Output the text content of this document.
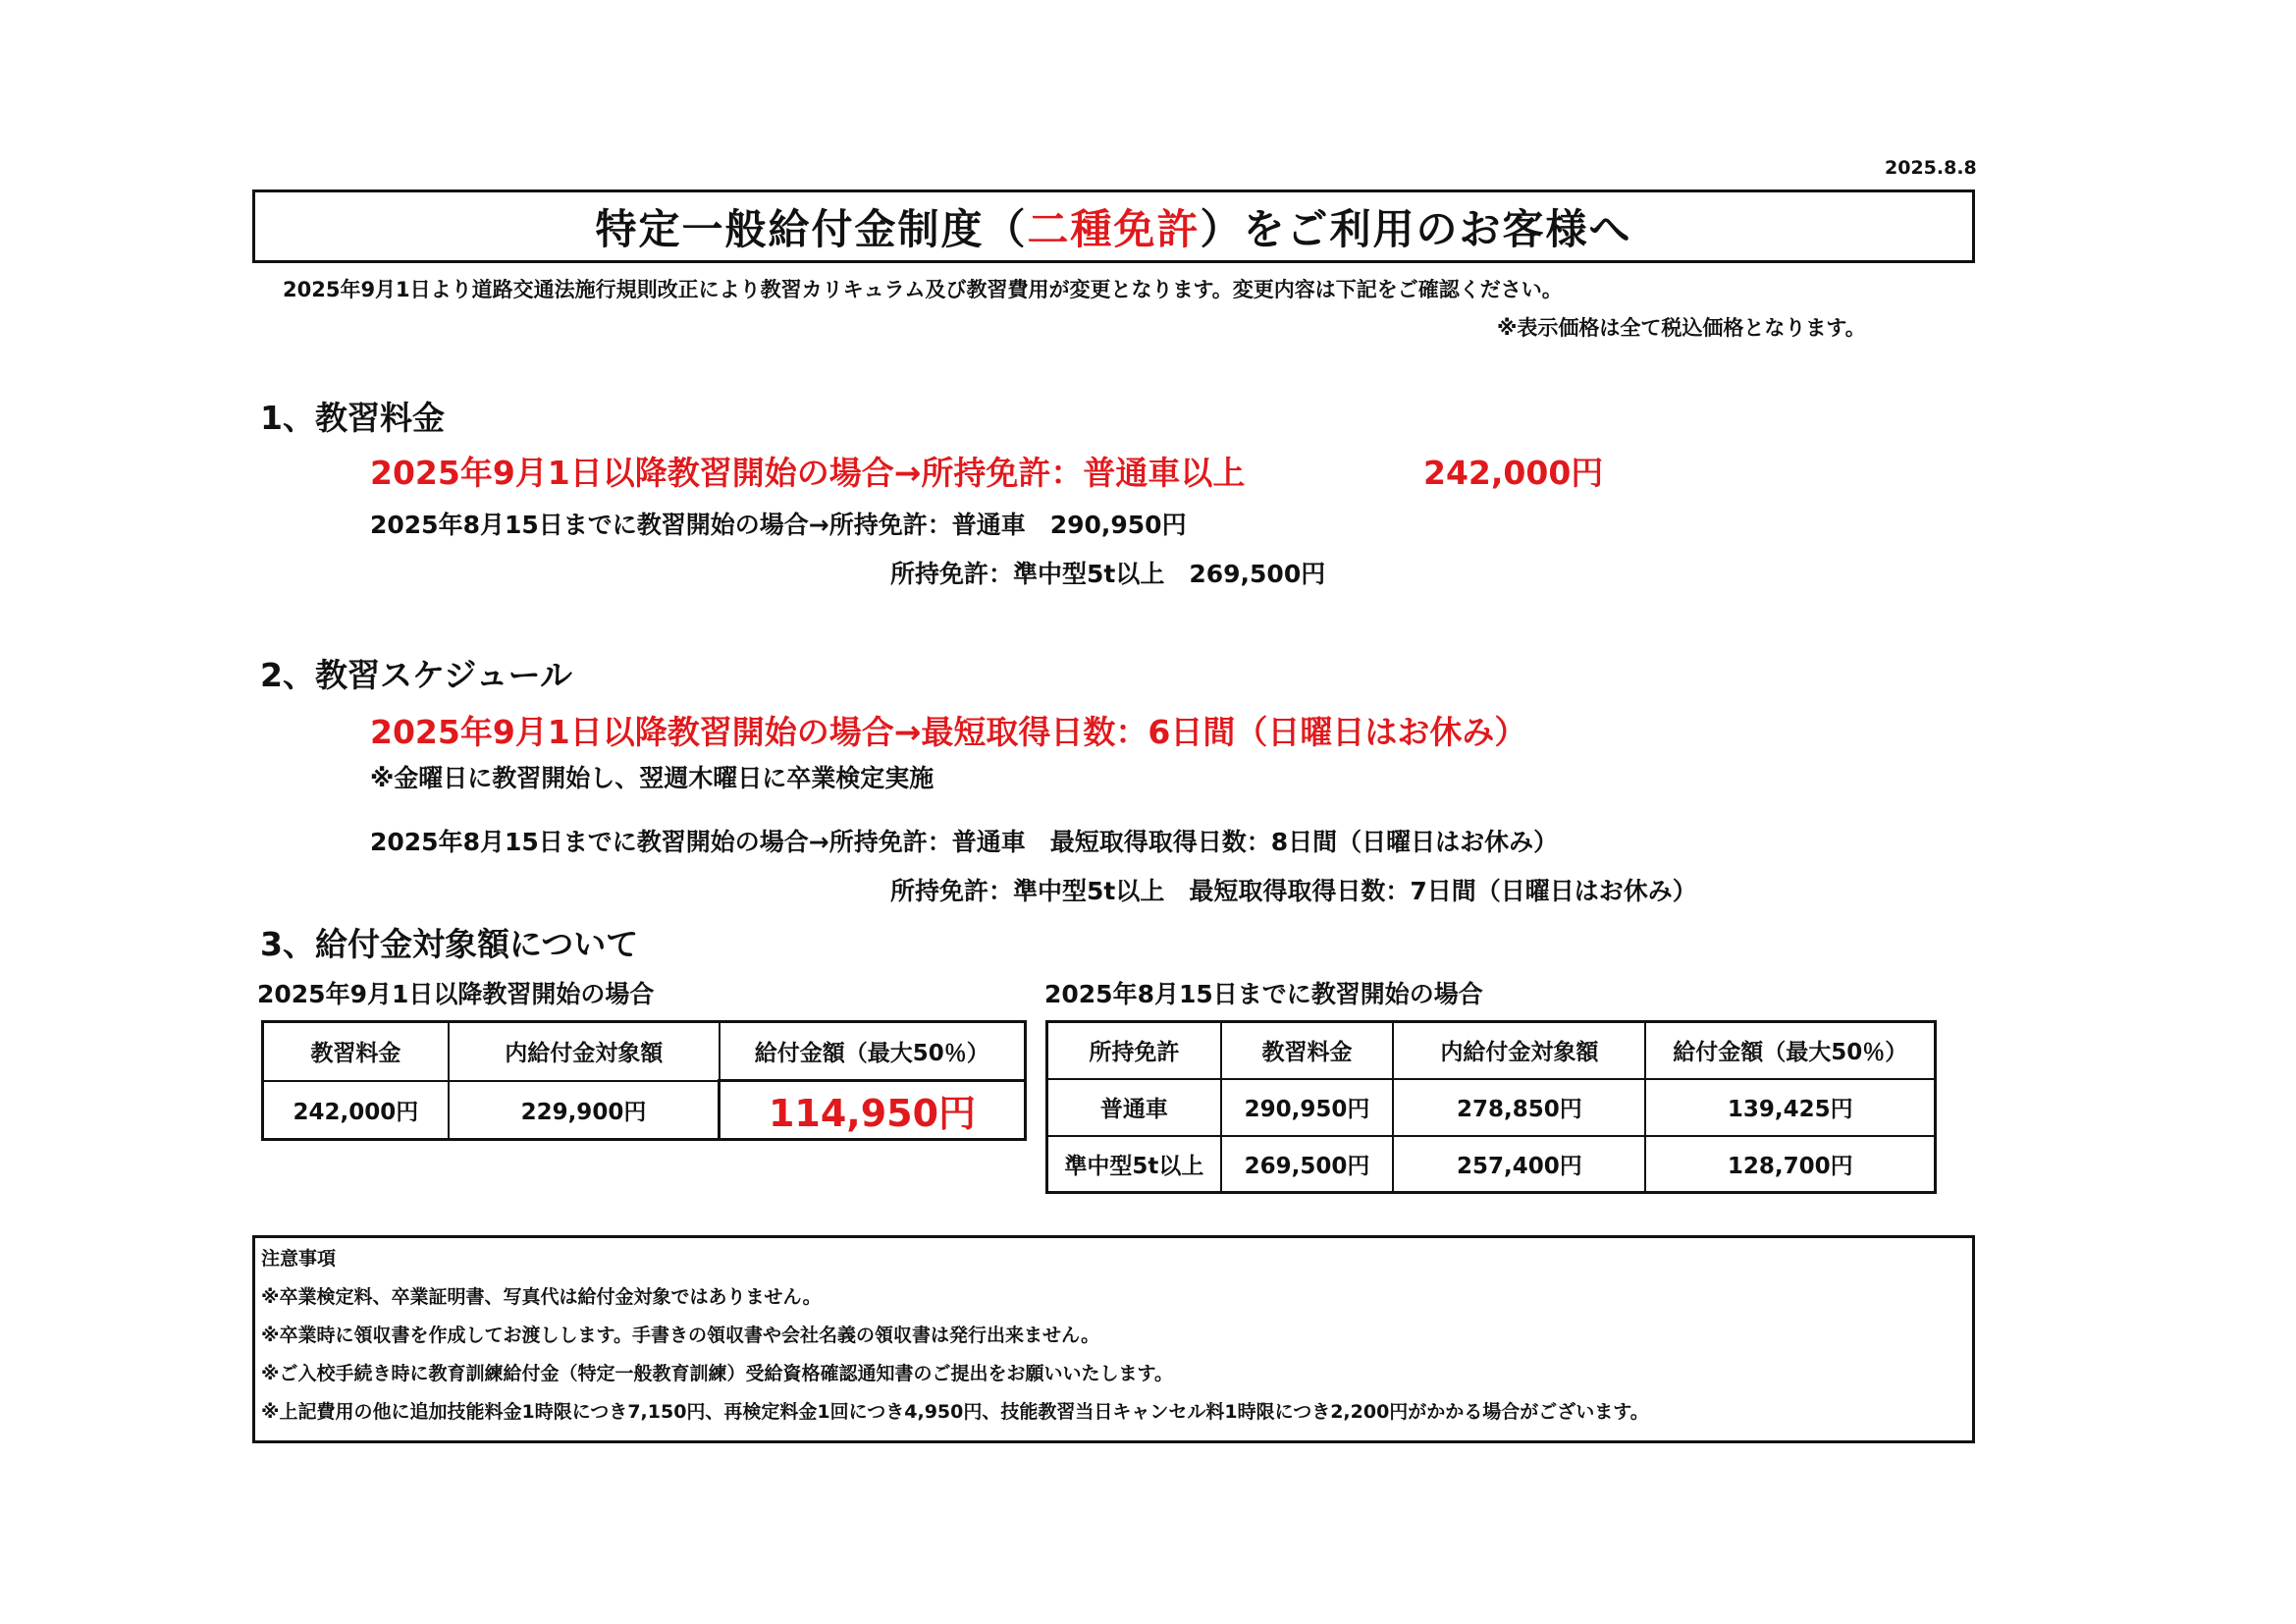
2025.8.8
特定一般給付金制度（ 二種免許 ）をご利用のお客様へ
2025年9月1日より道路交通法施行規則改正により教習カリキュラム及び教習費用が変更となります。変更内容は下記をご確認ください。
※表示価格は全て税込価格となります。
1、教習料金
2025年9月1日以降教習開始の場合→所持免許：普通車以上	242,000円
2025年8月15日までに教習開始の場合→所持免許：普通車　290,950円
所持免許：準中型5t以上　269,500円
2、教習スケジュール
2025年9月1日以降教習開始の場合→最短取得日数：6日間（日曜日はお休み）
※金曜日に教習開始し、翌週木曜日に卒業検定実施
2025年8月15日までに教習開始の場合→所持免許：普通車　最短取得取得日数：8日間（日曜日はお休み）
所持免許：準中型5t以上　最短取得取得日数：7日間（日曜日はお休み）
3、給付金対象額について
2025年9月1日以降教習開始の場合	2025年8月15日までに教習開始の場合
教習料金	内給付金対象額	給付金額（最大50％）
242,000円	229,900円	114,950円
所持免許	教習料金	内給付金対象額	給付金額（最大50％）
普通車	290,950円	278,850円	139,425円
準中型5t以上	269,500円	257,400円	128,700円
注意事項
※卒業検定料、卒業証明書、写真代は給付金対象ではありません。
※卒業時に領収書を作成してお渡しします。手書きの領収書や会社名義の領収書は発行出来ません。
※ご入校手続き時に教育訓練給付金（特定一般教育訓練）受給資格確認通知書のご提出をお願いいたします。
※上記費用の他に追加技能料金1時限につき7,150円、再検定料金1回につき4,950円、技能教習当日キャンセル料1時限につき2,200円がかかる場合がございます。
